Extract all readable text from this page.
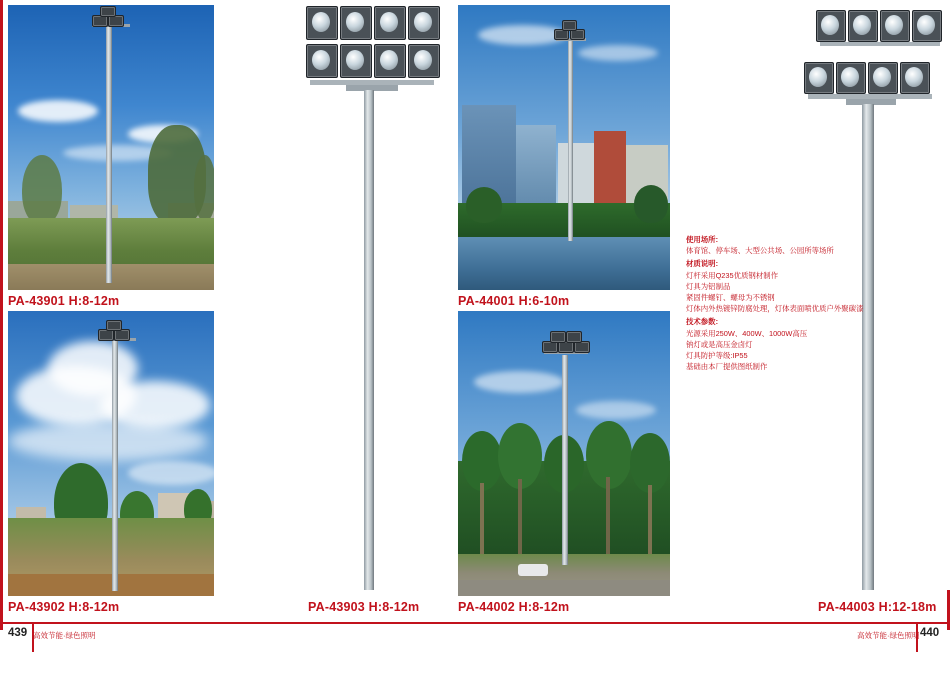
PA-43901 H:8-12m
PA-43902 H:8-12m	PA-43903 H:8-12m
PA-44001 H:6-10m
PA-44002 H:8-12m	PA-44003 H:12-18m
使用场所:
体育馆、停车场、大型公共场、公园所等场所
材质说明:
灯杆采用Q235优质钢材制作
灯具为铝制品
紧固件螺钉、螺母为不锈钢
灯体内外热镀锌防腐处理，灯体表面喷优质户外聚碳漆
技术参数:
光源采用250W、400W、1000W高压
钠灯或是高压金卤灯
灯具防护等级:IP55
基础由本厂提供图纸制作
439 高效节能·绿色照明	高效节能·绿色照明 440
